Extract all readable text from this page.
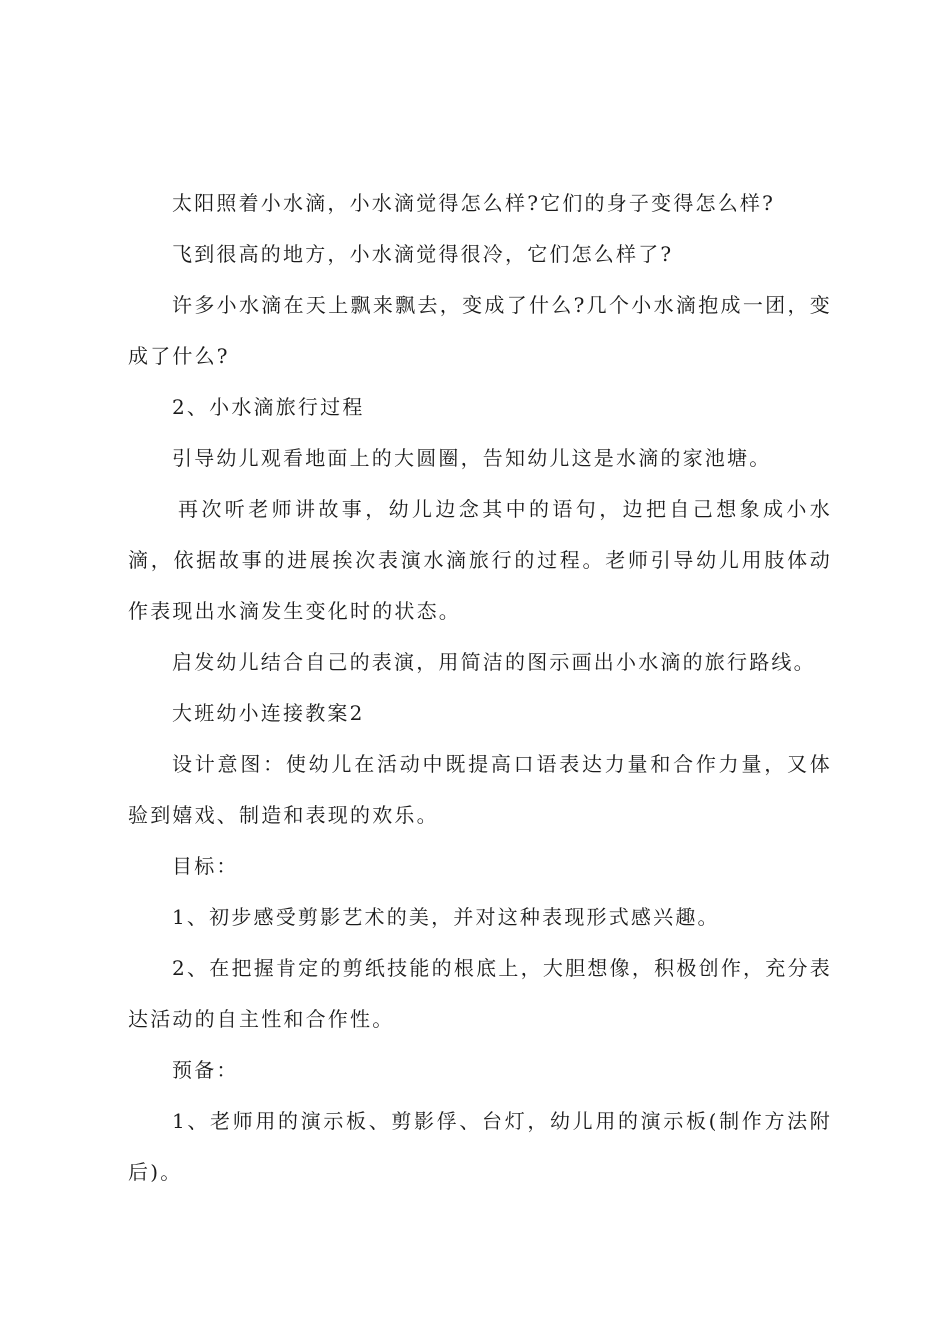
太阳照着小水滴，小水滴觉得怎么样?它们的身子变得怎么样?

飞到很高的地方，小水滴觉得很冷，它们怎么样了?

许多小水滴在天上飘来飘去，变成了什么?几个小水滴抱成一团，变成了什么?

2、小水滴旅行过程

引导幼儿观看地面上的大圆圈，告知幼儿这是水滴的家池塘。

再次听老师讲故事，幼儿边念其中的语句，边把自己想象成小水滴，依据故事的进展挨次表演水滴旅行的过程。老师引导幼儿用肢体动作表现出水滴发生变化时的状态。

启发幼儿结合自己的表演，用简洁的图示画出小水滴的旅行路线。

大班幼小连接教案2

设计意图：使幼儿在活动中既提高口语表达力量和合作力量，又体验到嬉戏、制造和表现的欢乐。

目标：

1、初步感受剪影艺术的美，并对这种表现形式感兴趣。

2、在把握肯定的剪纸技能的根底上，大胆想像，积极创作，充分表达活动的自主性和合作性。

预备：

1、老师用的演示板、剪影俘、台灯，幼儿用的演示板(制作方法附后)。
